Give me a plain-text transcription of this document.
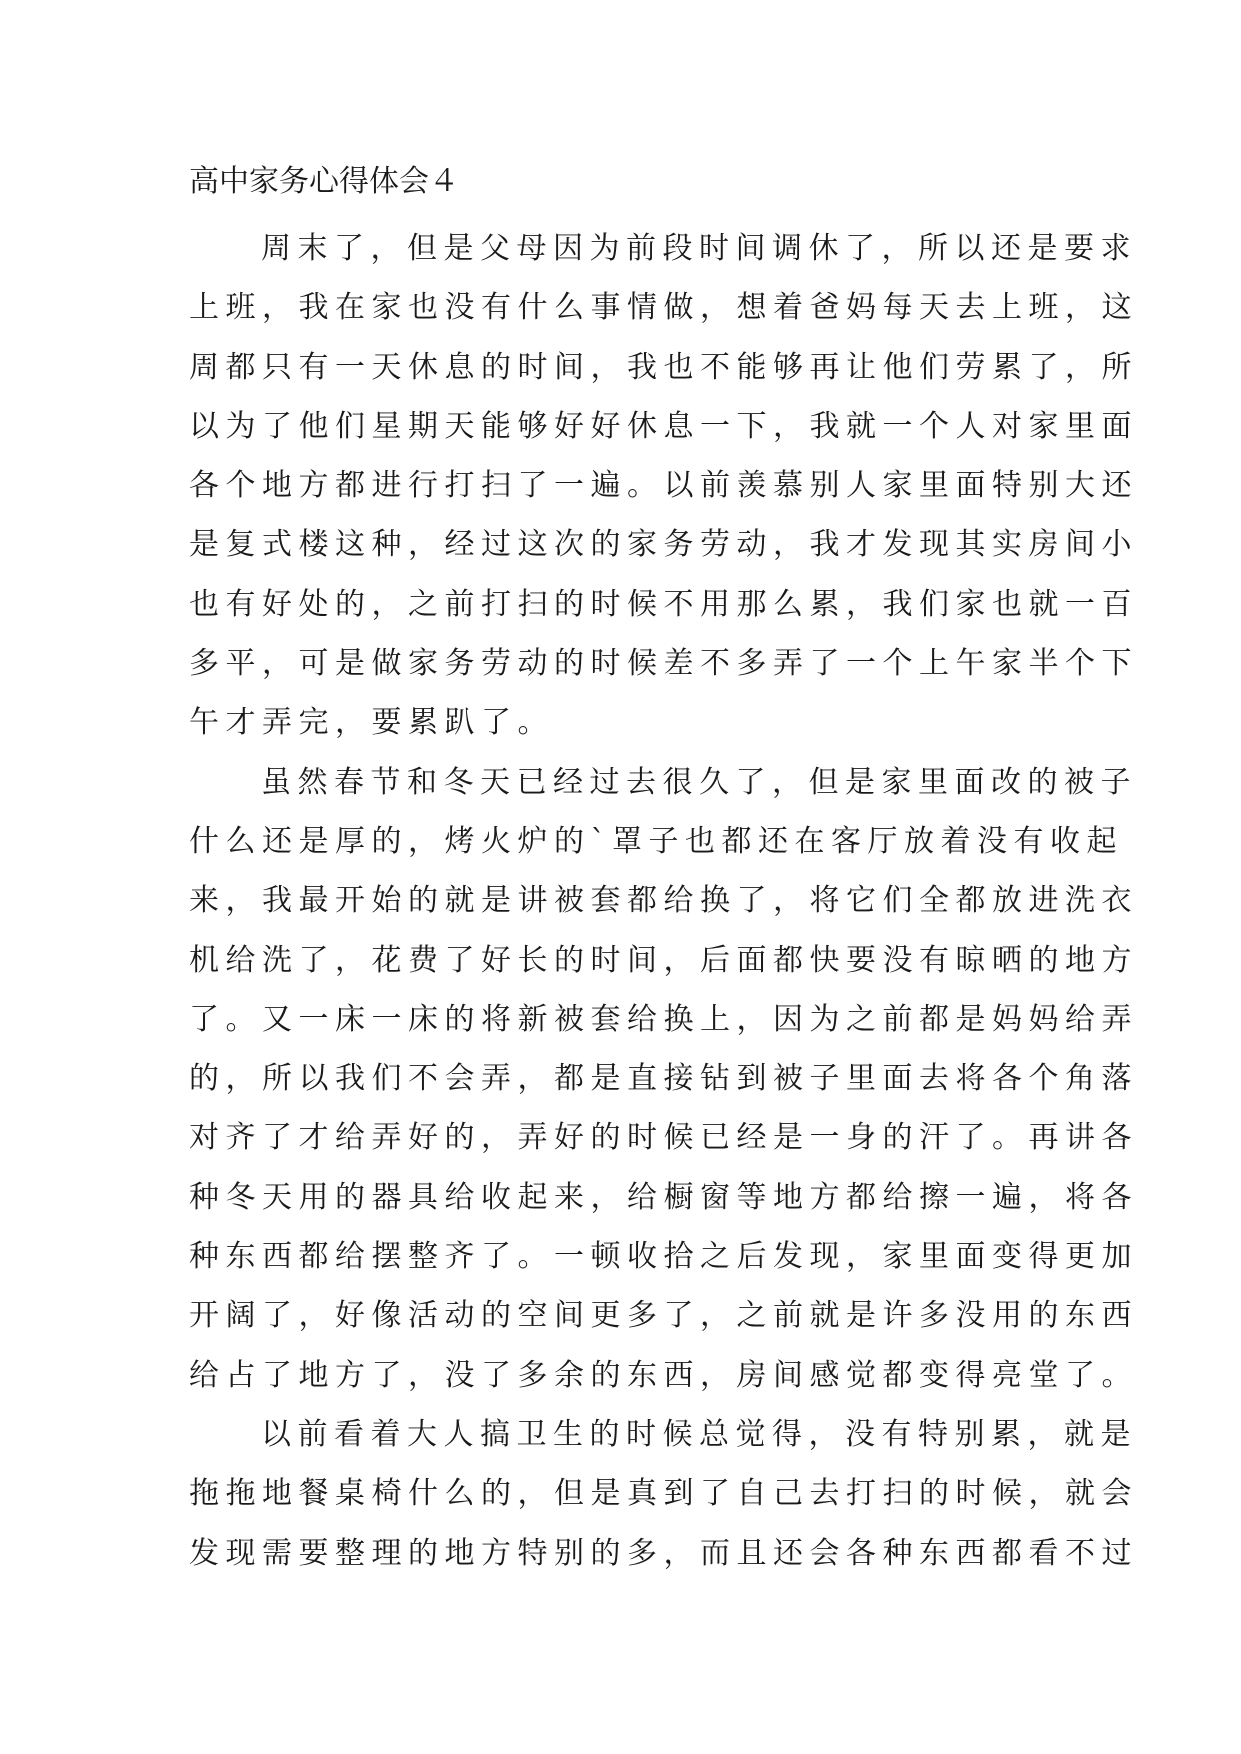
高中家务心得体会４
周末了，但是父母因为前段时间调休了，所以还是要求
上班，我在家也没有什么事情做，想着爸妈每天去上班，这
周都只有一天休息的时间，我也不能够再让他们劳累了，所
以为了他们星期天能够好好休息一下，我就一个人对家里面
各个地方都进行打扫了一遍。以前羡慕别人家里面特别大还
是复式楼这种，经过这次的家务劳动，我才发现其实房间小
也有好处的，之前打扫的时候不用那么累，我们家也就一百
多平，可是做家务劳动的时候差不多弄了一个上午家半个下
午才弄完，要累趴了。
虽然春节和冬天已经过去很久了，但是家里面改的被子
什么还是厚的，烤火炉的`罩子也都还在客厅放着没有收起
来，我最开始的就是讲被套都给换了，将它们全都放进洗衣
机给洗了，花费了好长的时间，后面都快要没有晾晒的地方
了。又一床一床的将新被套给换上，因为之前都是妈妈给弄
的，所以我们不会弄，都是直接钻到被子里面去将各个角落
对齐了才给弄好的，弄好的时候已经是一身的汗了。再讲各
种冬天用的器具给收起来，给橱窗等地方都给擦一遍，将各
种东西都给摆整齐了。一顿收拾之后发现，家里面变得更加
开阔了，好像活动的空间更多了，之前就是许多没用的东西
给占了地方了，没了多余的东西，房间感觉都变得亮堂了。
以前看着大人搞卫生的时候总觉得，没有特别累，就是
拖拖地餐桌椅什么的，但是真到了自己去打扫的时候，就会
发现需要整理的地方特别的多，而且还会各种东西都看不过
